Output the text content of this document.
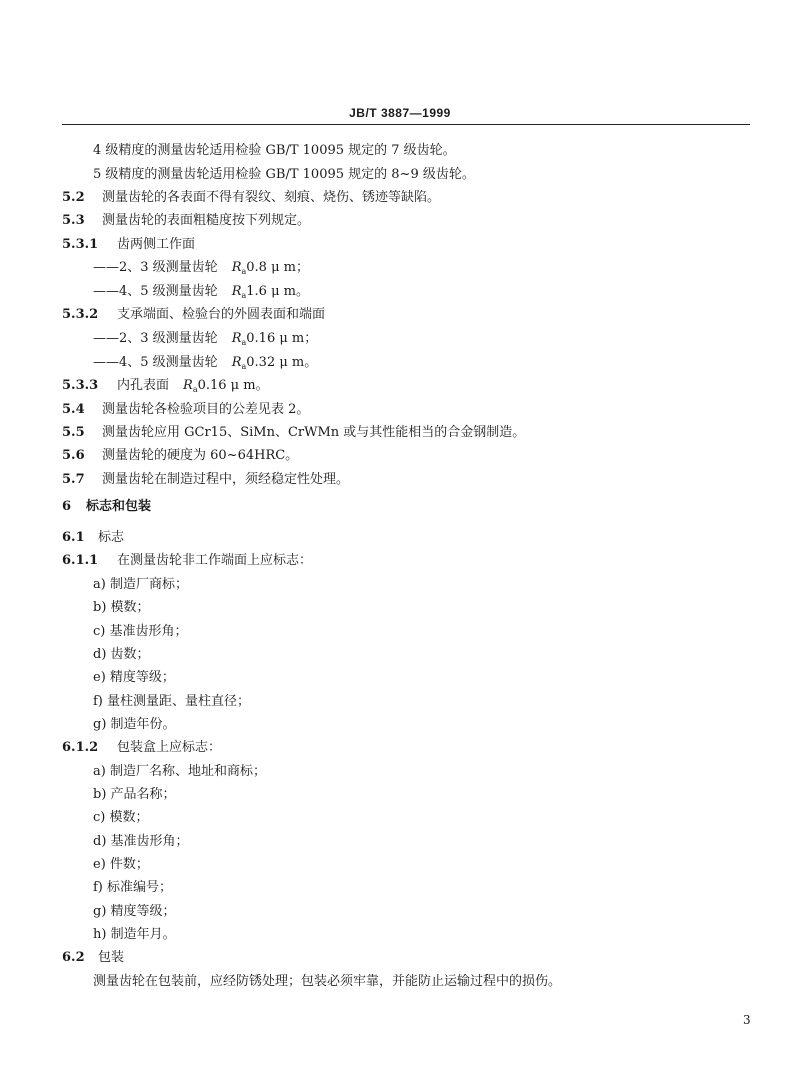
JB/T 3887—1999
4 级精度的测量齿轮适用检验 GB/T 10095 规定的 7 级齿轮。
5 级精度的测量齿轮适用检验 GB/T 10095 规定的 8~9 级齿轮。
5.2 测量齿轮的各表面不得有裂纹、刻痕、烧伤、锈迹等缺陷。
5.3 测量齿轮的表面粗糙度按下列规定。
5.3.1 齿两侧工作面
——2、3 级测量齿轮 $R_a0.8$ μ m；
——4、5 级测量齿轮 $R_a1.6$ μ m。
5.3.2 支承端面、检验台的外圆表面和端面
——2、3 级测量齿轮 $R_a0.16$ μ m；
——4、5 级测量齿轮 $R_a0.32$ μ m。
5.3.3 内孔表面 $R_a0.16$ μ m。
5.4 测量齿轮各检验项目的公差见表 2。
5.5 测量齿轮应用 GCr15、SiMn、CrWMn 或与其性能相当的合金钢制造。
5.6 测量齿轮的硬度为 60~64HRC。
5.7 测量齿轮在制造过程中，须经稳定性处理。
6 标志和包装
6.1 标志
6.1.1 在测量齿轮非工作端面上应标志：
a) 制造厂商标；
b) 模数；
c) 基准齿形角；
d) 齿数；
e) 精度等级；
f) 量柱测量距、量柱直径；
g) 制造年份。
6.1.2 包装盒上应标志：
a) 制造厂名称、地址和商标；
b) 产品名称；
c) 模数；
d) 基准齿形角；
e) 件数；
f) 标准编号；
g) 精度等级；
h) 制造年月。
6.2 包装
测量齿轮在包装前，应经防锈处理；包装必须牢靠，并能防止运输过程中的损伤。
3
